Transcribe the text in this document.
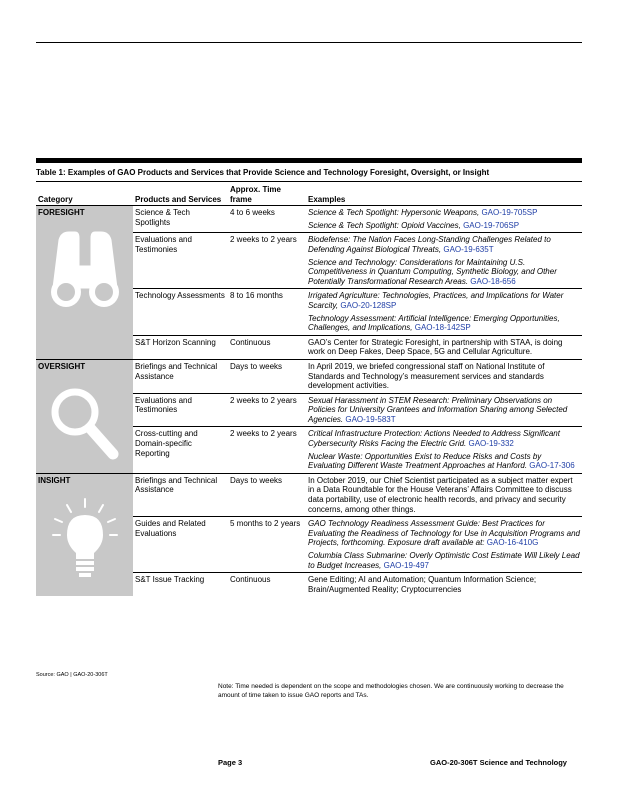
Table 1: Examples of GAO Products and Services that Provide Science and Technology Foresight, Oversight, or Insight
Category	Products and Services	Approx. Time frame	Examples

FORESIGHT	Science & Tech Spotlights	4 to 6 weeks	Science & Tech Spotlight: Hypersonic Weapons, GAO-19-705SP
Science & Tech Spotlight: Opioid Vaccines, GAO-19-706SP

	Evaluations and Testimonies	2 weeks to 2 years	Biodefense: The Nation Faces Long-Standing Challenges Related to Defending Against Biological Threats, GAO-19-635T
Science and Technology: Considerations for Maintaining U.S. Competitiveness in Quantum Computing, Synthetic Biology, and Other Potentially Transformational Research Areas. GAO-18-656

	Technology Assessments	8 to 16 months	Irrigated Agriculture: Technologies, Practices, and Implications for Water Scarcity, GAO-20-128SP
Technology Assessment: Artificial Intelligence: Emerging Opportunities, Challenges, and Implications, GAO-18-142SP

	S&T Horizon Scanning	Continuous	GAO’s Center for Strategic Foresight, in partnership with STAA, is doing work on Deep Fakes, Deep Space, 5G and Cellular Agriculture.

OVERSIGHT	Briefings and Technical Assistance	Days to weeks	In April 2019, we briefed congressional staff on National Institute of Standards and Technology’s measurement services and standards development activities.

	Evaluations and Testimonies	2 weeks to 2 years	Sexual Harassment in STEM Research: Preliminary Observations on Policies for University Grantees and Information Sharing among Selected Agencies. GAO-19-583T

	Cross-cutting and Domain-specific Reporting	2 weeks to 2 years	Critical Infrastructure Protection: Actions Needed to Address Significant Cybersecurity Risks Facing the Electric Grid. GAO-19-332
Nuclear Waste: Opportunities Exist to Reduce Risks and Costs by Evaluating Different Waste Treatment Approaches at Hanford. GAO-17-306

INSIGHT	Briefings and Technical Assistance	Days to weeks	In October 2019, our Chief Scientist participated as a subject matter expert in a Data Roundtable for the House Veterans’ Affairs Committee to discuss data portability, use of electronic health records, and privacy and security concerns, among other things.

	Guides and Related Evaluations	5 months to 2 years	GAO Technology Readiness Assessment Guide: Best Practices for Evaluating the Readiness of Technology for Use in Acquisition Programs and Projects, forthcoming. Exposure draft available at: GAO-16-410G
Columbia Class Submarine: Overly Optimistic Cost Estimate Will Likely Lead to Budget Increases, GAO-19-497

	S&T Issue Tracking	Continuous	Gene Editing; AI and Automation; Quantum Information Science; Brain/Augmented Reality; Cryptocurrencies
Source: GAO | GAO-20-306T
Note: Time needed is dependent on the scope and methodologies chosen. We are continuously working to decrease the amount of time taken to issue GAO reports and TAs.
Page 3	GAO-20-306T Science and Technology
